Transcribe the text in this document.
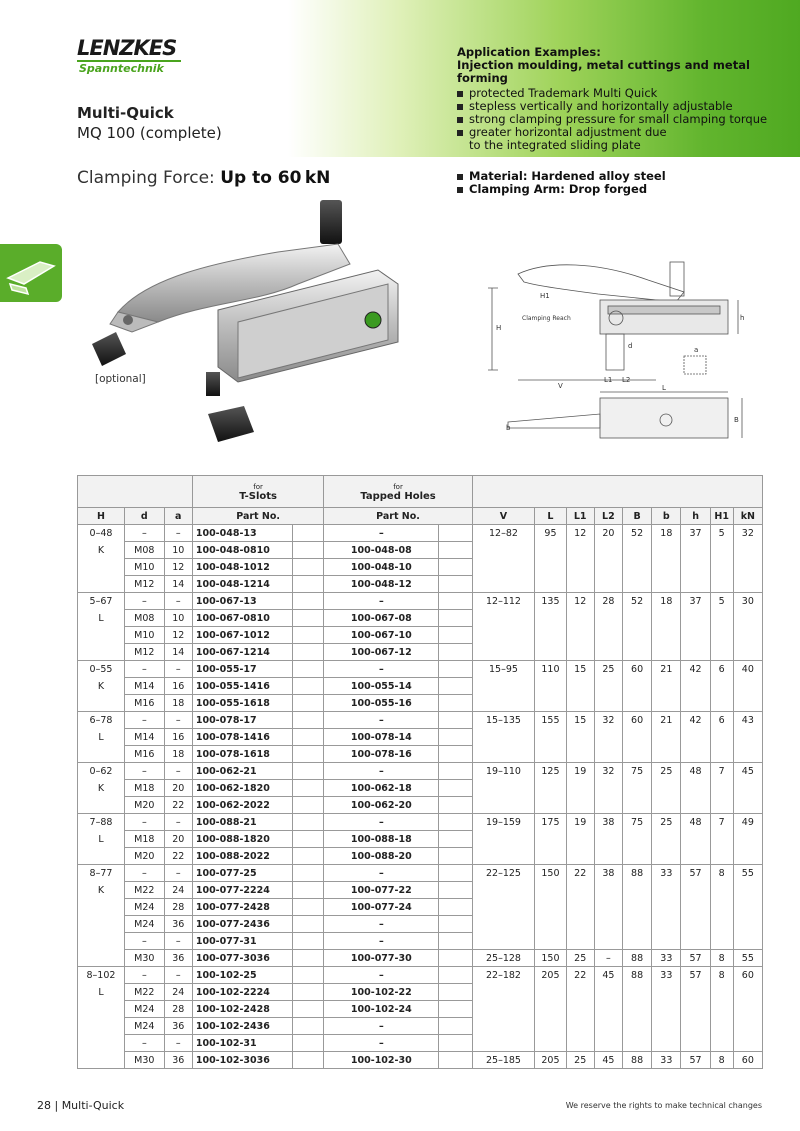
LENZKES
Spanntechnik
Multi-Quick
MQ 100 (complete)
Application Examples:
Injection moulding, metal cuttings and metal forming
protected Trademark Multi Quick
stepless vertically and horizontally adjustable
strong clamping pressure for small clamping torque
greater horizontal adjustment due
to the integrated sliding plate
Clamping Force: Up to 60 kN	Material: Hardened alloy steel
Clamping Arm: Drop forged
[optional]
H
H1
Clamping Reach
d	a
V
L1 L2
L
b
h
B
			for
T-Slots		for
Tapped Holes										
H	d	a	Part No.		Part No.		V	L	L1	L2	B	b	h	H1	kN
0–48	–	–	100-048-13		–		12–82	95	12	20	52	18	37	5	32
K	M08	10	100-048-0810		100-048-08										
	M10	12	100-048-1012		100-048-10										
	M12	14	100-048-1214		100-048-12										
5–67	–	–	100-067-13		–		12–112	135	12	28	52	18	37	5	30
L	M08	10	100-067-0810		100-067-08										
	M10	12	100-067-1012		100-067-10										
	M12	14	100-067-1214		100-067-12										
0–55	–	–	100-055-17		–		15–95	110	15	25	60	21	42	6	40
K	M14	16	100-055-1416		100-055-14										
	M16	18	100-055-1618		100-055-16										
6–78	–	–	100-078-17		–		15–135	155	15	32	60	21	42	6	43
L	M14	16	100-078-1416		100-078-14										
	M16	18	100-078-1618		100-078-16										
0–62	–	–	100-062-21		–		19–110	125	19	32	75	25	48	7	45
K	M18	20	100-062-1820		100-062-18										
	M20	22	100-062-2022		100-062-20										
7–88	–	–	100-088-21		–		19–159	175	19	38	75	25	48	7	49
L	M18	20	100-088-1820		100-088-18										
	M20	22	100-088-2022		100-088-20										
8–77	–	–	100-077-25		–		22–125	150	22	38	88	33	57	8	55
K	M22	24	100-077-2224		100-077-22										
	M24	28	100-077-2428		100-077-24										
	M24	36	100-077-2436		–										
	–	–	100-077-31		–										
	M30	36	100-077-3036		100-077-30		25–128	150	25	–	88	33	57	8	55
8–102	–	–	100-102-25		–		22–182	205	22	45	88	33	57	8	60
L	M22	24	100-102-2224		100-102-22										
	M24	28	100-102-2428		100-102-24										
	M24	36	100-102-2436		–										
	–	–	100-102-31		–										
	M30	36	100-102-3036		100-102-30		25–185	205	25	45	88	33	57	8	60
28 | Multi-Quick	We reserve the rights to make technical changes
